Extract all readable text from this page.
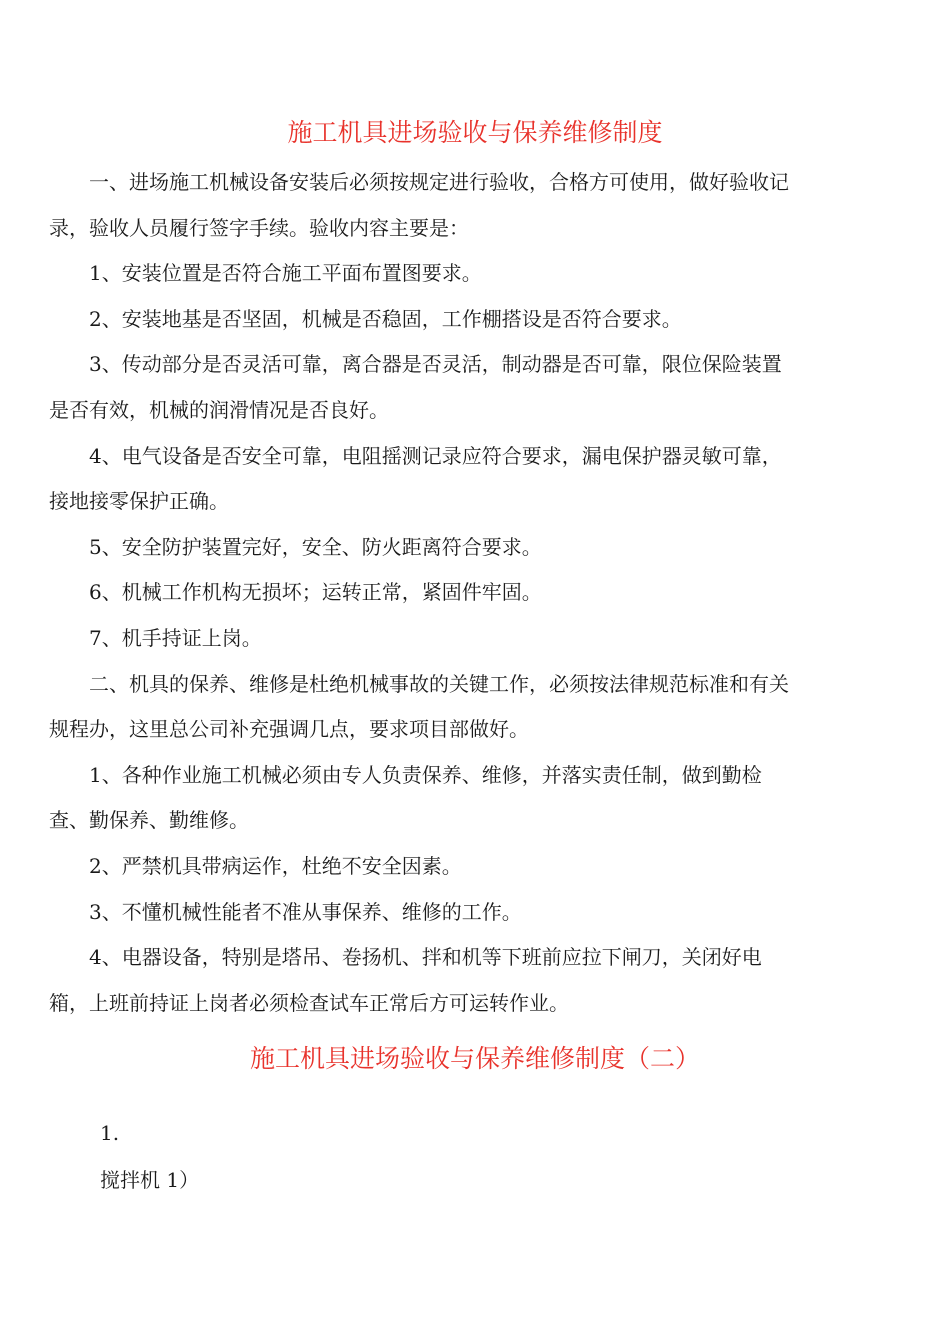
施工机具进场验收与保养维修制度

一、进场施工机械设备安装后必须按规定进行验收，合格方可使用，做好验收记
录，验收人员履行签字手续。验收内容主要是：

1、安装位置是否符合施工平面布置图要求。

2、安装地基是否坚固，机械是否稳固，工作棚搭设是否符合要求。

3、传动部分是否灵活可靠，离合器是否灵活，制动器是否可靠，限位保险装置
是否有效，机械的润滑情况是否良好。

4、电气设备是否安全可靠，电阻摇测记录应符合要求，漏电保护器灵敏可靠，
接地接零保护正确。

5、安全防护装置完好，安全、防火距离符合要求。

6、机械工作机构无损坏；运转正常，紧固件牢固。

7、机手持证上岗。

二、机具的保养、维修是杜绝机械事故的关键工作，必须按法律规范标准和有关
规程办，这里总公司补充强调几点，要求项目部做好。

1、各种作业施工机械必须由专人负责保养、维修，并落实责任制，做到勤检
查、勤保养、勤维修。

2、严禁机具带病运作，杜绝不安全因素。

3、不懂机械性能者不准从事保养、维修的工作。

4、电器设备，特别是塔吊、卷扬机、拌和机等下班前应拉下闸刀，关闭好电
箱，上班前持证上岗者必须检查试车正常后方可运转作业。

施工机具进场验收与保养维修制度（二）
1.
搅拌机 1）
